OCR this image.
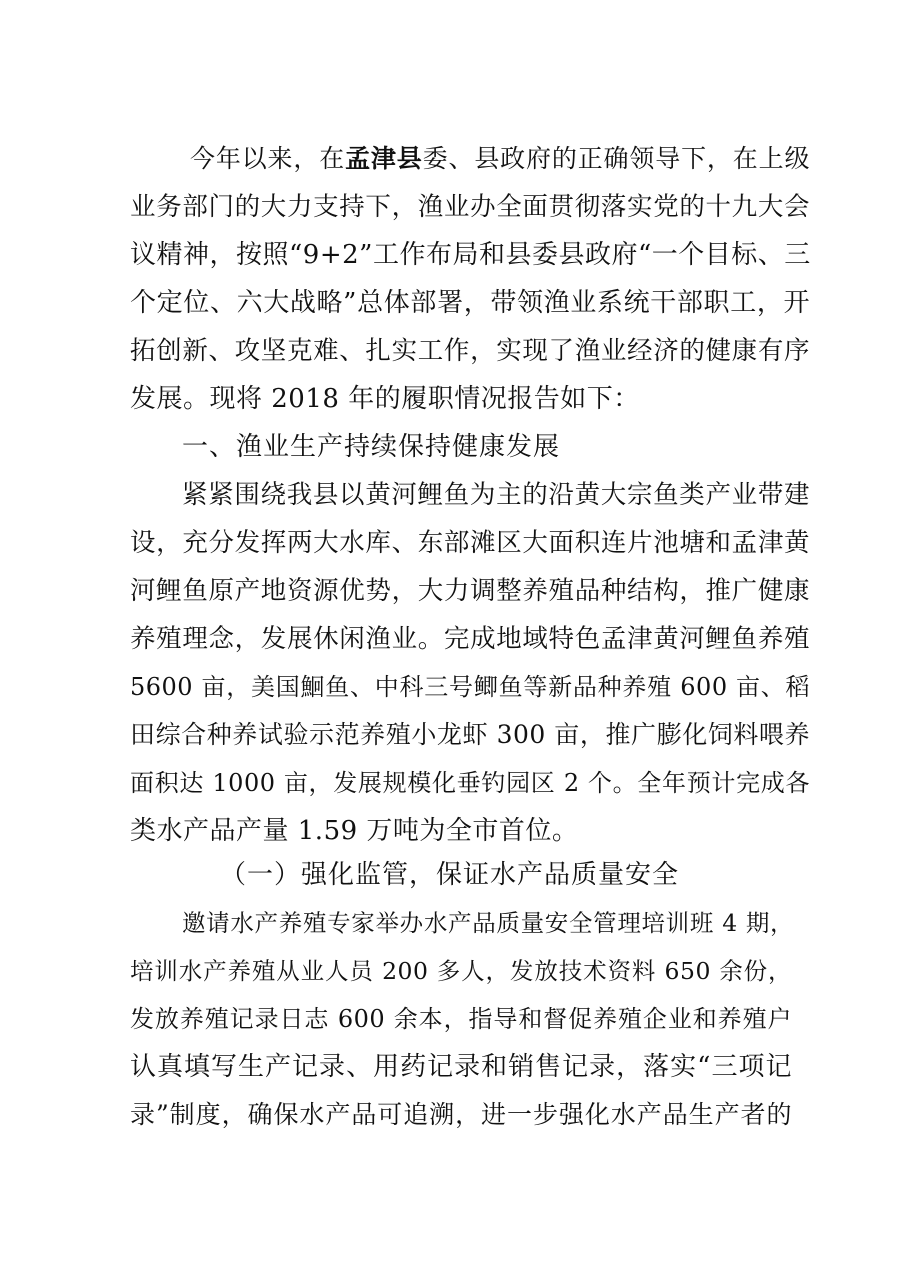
今年以来，在孟津县委、县政府的正确领导下，在上级
业务部门的大力支持下，渔业办全面贯彻落实党的十九大会
议精神，按照“9+2”工作布局和县委县政府“一个目标、三
个定位、六大战略”总体部署，带领渔业系统干部职工，开
拓创新、攻坚克难、扎实工作，实现了渔业经济的健康有序
发展。现将 2018 年的履职情况报告如下：
一、渔业生产持续保持健康发展
紧紧围绕我县以黄河鲤鱼为主的沿黄大宗鱼类产业带建
设，充分发挥两大水库、东部滩区大面积连片池塘和孟津黄
河鲤鱼原产地资源优势，大力调整养殖品种结构，推广健康
养殖理念，发展休闲渔业。完成地域特色孟津黄河鲤鱼养殖
5600 亩，美国鮰鱼、中科三号鲫鱼等新品种养殖 600 亩、稻
田综合种养试验示范养殖小龙虾 300 亩，推广膨化饲料喂养
面积达 1000 亩，发展规模化垂钓园区 2 个。全年预计完成各
类水产品产量 1.59 万吨为全市首位。
（一）强化监管，保证水产品质量安全
邀请水产养殖专家举办水产品质量安全管理培训班 4 期，
培训水产养殖从业人员 200 多人，发放技术资料 650 余份，
发放养殖记录日志 600 余本，指导和督促养殖企业和养殖户
认真填写生产记录、用药记录和销售记录，落实“三项记
录”制度，确保水产品可追溯，进一步强化水产品生产者的
